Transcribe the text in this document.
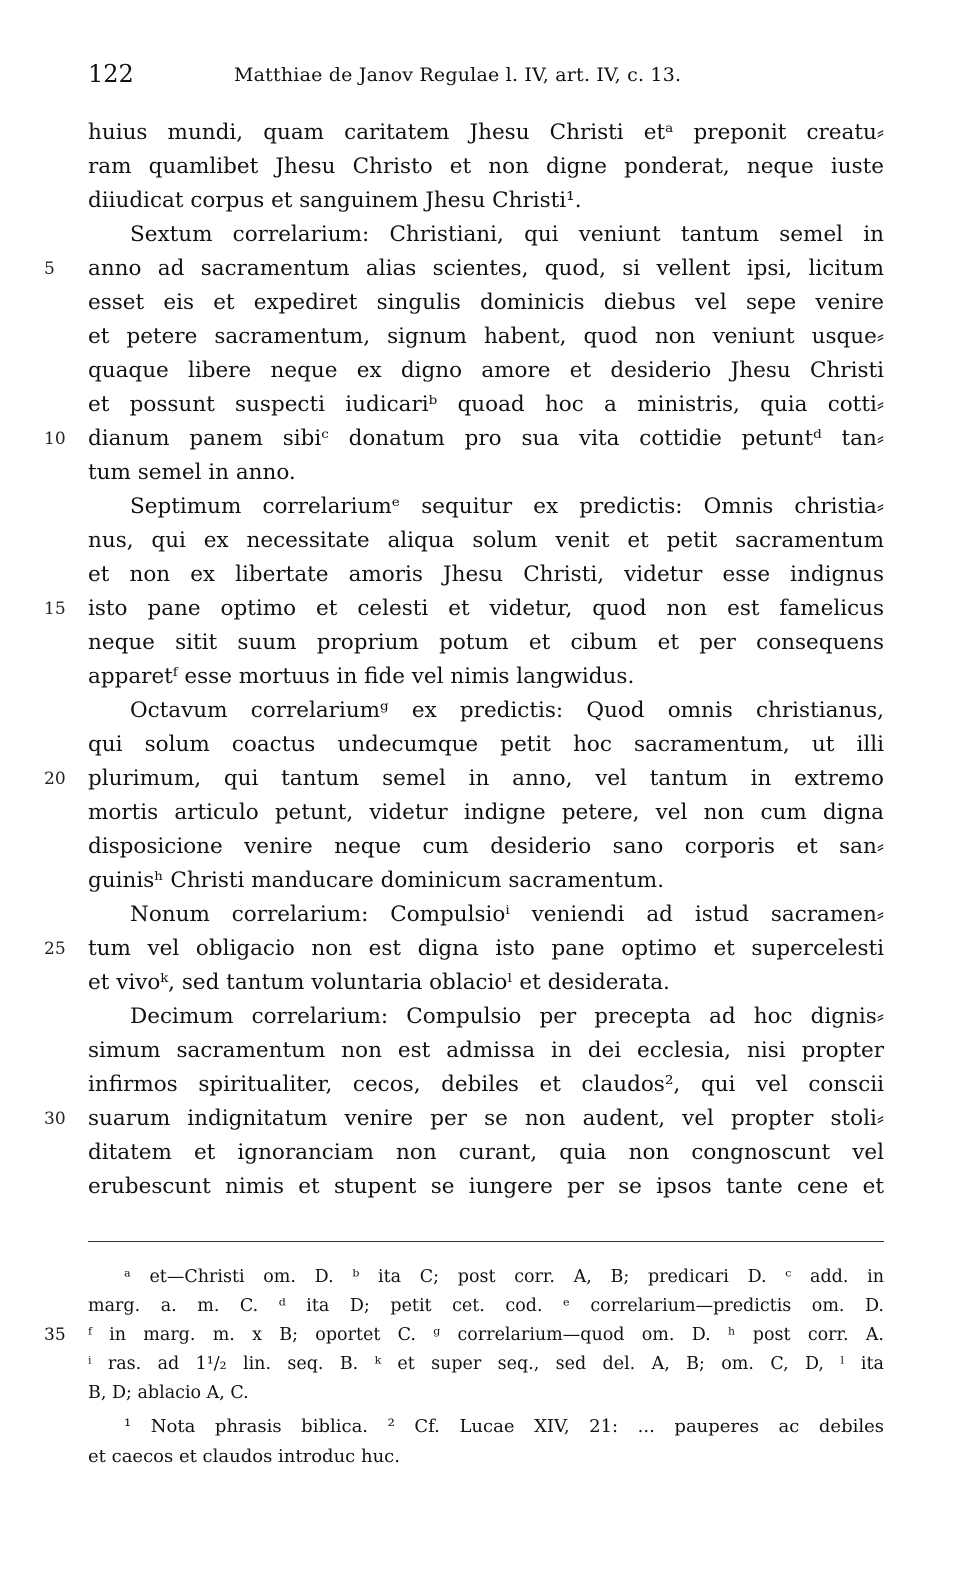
122	Matthiae de Janov Regulae l. IV, art. IV, c. 13.
huius mundi, quam caritatem Jhesu Christi etᵃ preponit creatu⸗
ram quamlibet Jhesu Christo et non digne ponderat, neque iuste
diiudicat corpus et sanguinem Jhesu Christi¹.
Sextum correlarium: Christiani, qui veniunt tantum semel in
5	anno ad sacramentum alias scientes, quod, si vellent ipsi, licitum
esset eis et expediret singulis dominicis diebus vel sepe venire
et petere sacramentum, signum habent, quod non veniunt usque⸗
quaque libere neque ex digno amore et desiderio Jhesu Christi
et possunt suspecti iudicariᵇ quoad hoc a ministris, quia cotti⸗
10	dianum panem sibiᶜ donatum pro sua vita cottidie petuntᵈ tan⸗
tum semel in anno.
Septimum correlariumᵉ sequitur ex predictis: Omnis christia⸗
nus, qui ex necessitate aliqua solum venit et petit sacramentum
et non ex libertate amoris Jhesu Christi, videtur esse indignus
15	isto pane optimo et celesti et videtur, quod non est famelicus
neque sitit suum proprium potum et cibum et per consequens
apparetᶠ esse mortuus in fide vel nimis langwidus.
Octavum correlariumᵍ ex predictis: Quod omnis christianus,
qui solum coactus undecumque petit hoc sacramentum, ut illi
20	plurimum, qui tantum semel in anno, vel tantum in extremo
mortis articulo petunt, videtur indigne petere, vel non cum digna
disposicione venire neque cum desiderio sano corporis et san⸗
guinisʰ Christi manducare dominicum sacramentum.
Nonum correlarium: Compulsioⁱ veniendi ad istud sacramen⸗
25	tum vel obligacio non est digna isto pane optimo et supercelesti
et vivoᵏ, sed tantum voluntaria oblacioˡ et desiderata.
Decimum correlarium: Compulsio per precepta ad hoc dignis⸗
simum sacramentum non est admissa in dei ecclesia, nisi propter
infirmos spiritualiter, cecos, debiles et claudos², qui vel conscii
30	suarum indignitatum venire per se non audent, vel propter stoli⸗
ditatem et ignoranciam non curant, quia non congnoscunt vel
erubescunt nimis et stupent se iungere per se ipsos tante cene et
ᵃ et—Christi om. D. ᵇ ita C; post corr. A, B; predicari D. ᶜ add. in
marg. a. m. C. ᵈ ita D; petit cet. cod. ᵉ correlarium—predictis om. D.
35 ᶠ in marg. m. x B; oportet C. ᵍ correlarium—quod om. D. ʰ post corr. A.
ⁱ ras. ad 1¹/₂ lin. seq. B. ᵏ et super seq., sed del. A, B; om. C, D, ˡ ita
B, D; ablacio A, C.
¹ Nota phrasis biblica. ² Cf. Lucae XIV, 21: ... pauperes ac debiles
et caecos et claudos introduc huc.
